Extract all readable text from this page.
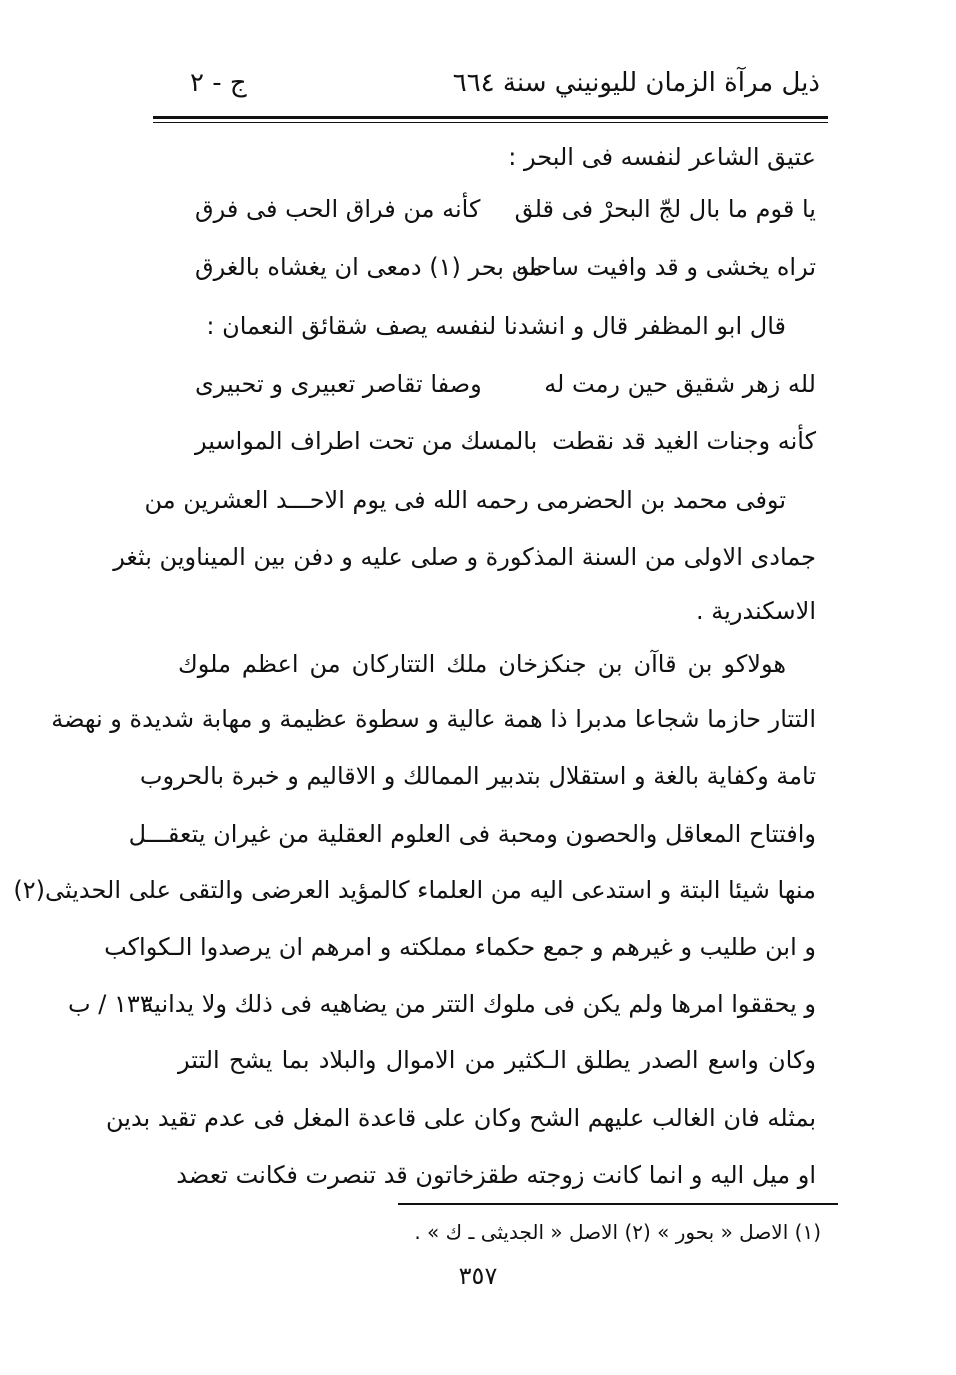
ذيل مرآة الزمان لليونيني سنة ٦٦٤
ج - ٢
عتيق الشاعر لنفسه فى البحر :
يا قوم ما بال لجّ البحرْ فى قلق
كأنه من فراق الحب فى فرق
تراه يخشى و قد وافيت ساحله
من بحر (١) دمعى ان يغشاه بالغرق
قال ابو المظفر قال و انشدنا لنفسه يصف شقائق النعمان :
لله زهر شقيق حين رمت له
وصفا تقاصر تعبيرى و تحبيرى
كأنه وجنات الغيد قد نقطت
بالمسك من تحت اطراف المواسير
توفى محمد بن الحضرمى رحمه الله فى يوم الاحـــد العشرين من
جمادى الاولى من السنة المذكورة و صلى عليه و دفن بين المیناوین بثغر
الاسكندرية .
هولاكو بن قاآن بن جنكزخان ملك التتاركان من اعظم ملوك
التتار حازما شجاعا مدبرا ذا همة عالية و سطوة عظيمة و مهابة شديدة و نهضة
تامة وكفاية بالغة و استقلال بتدبير الممالك و الاقاليم و خبرة بالحروب
وافتتاح المعاقل والحصون ومحبة فى العلوم العقلية من غيران يتعقـــل
منها شيئا البتة و استدعى اليه من العلماء كالمؤيد العرضى والتقى على الحديثى(٢)
و ابن طليب و غيرهم و جمع حكماء مملكته و امرهم ان يرصدوا الـكواكب
و يحققوا امرها ولم يكن فى ملوك التتر من يضاهيه فى ذلك ولا يدانيه
وكان واسع الصدر يطلق الـكثير من الاموال والبلاد بما يشح التتر
بمثله فان الغالب عليهم الشح وكان على قاعدة المغل فى عدم تقيد بدين
او ميل اليه و انما كانت زوجته طقزخاتون قد تنصرت فكانت تعضد
١٣٣ / ب
(١) الاصل « بحور » (٢) الاصل « الجديثى ـ ك » .
٣٥٧
